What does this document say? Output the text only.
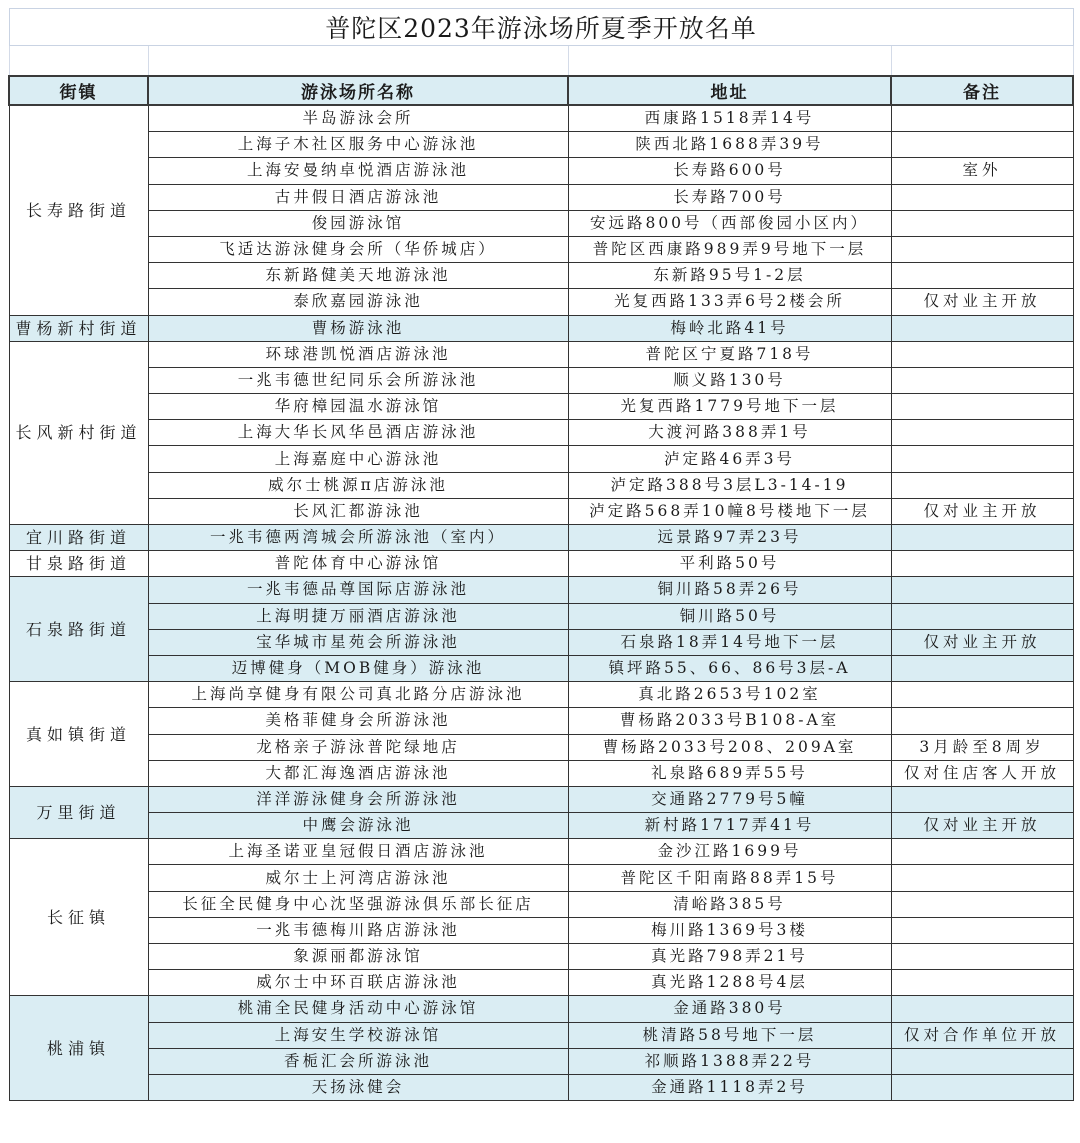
普陀区2023年游泳场所夏季开放名单			

街镇	游泳场所名称	地址	备注
长寿路街道	半岛游泳会所	西康路1518弄14号	
	上海子木社区服务中心游泳池	陕西北路1688弄39号	
	上海安曼纳卓悦酒店游泳池	长寿路600号	室外
	古井假日酒店游泳池	长寿路700号	
	俊园游泳馆	安远路800号（西部俊园小区内）	
	飞适达游泳健身会所（华侨城店）	普陀区西康路989弄9号地下一层	
	东新路健美天地游泳池	东新路95号1-2层	
	泰欣嘉园游泳池	光复西路133弄6号2楼会所	仅对业主开放
曹杨新村街道	曹杨游泳池	梅岭北路41号	
长风新村街道	环球港凯悦酒店游泳池	普陀区宁夏路718号	
	一兆韦德世纪同乐会所游泳池	顺义路130号	
	华府樟园温水游泳馆	光复西路1779号地下一层	
	上海大华长风华邑酒店游泳池	大渡河路388弄1号	
	上海嘉庭中心游泳池	泸定路46弄3号	
	威尔士桃源π店游泳池	泸定路388号3层L3-14-19	
	长风汇都游泳池	泸定路568弄10幢8号楼地下一层	仅对业主开放
宜川路街道	一兆韦德两湾城会所游泳池（室内）	远景路97弄23号	
甘泉路街道	普陀体育中心游泳馆	平利路50号	
石泉路街道	一兆韦德品尊国际店游泳池	铜川路58弄26号	
	上海明捷万丽酒店游泳池	铜川路50号	
	宝华城市星苑会所游泳池	石泉路18弄14号地下一层	仅对业主开放
	迈博健身（MOB健身）游泳池	镇坪路55、66、86号3层-A	
真如镇街道	上海尚享健身有限公司真北路分店游泳池	真北路2653号102室	
	美格菲健身会所游泳池	曹杨路2033号B108-A室	
	龙格亲子游泳普陀绿地店	曹杨路2033号208、209A室	3月龄至8周岁
	大都汇海逸酒店游泳池	礼泉路689弄55号	仅对住店客人开放
万里街道	洋洋游泳健身会所游泳池	交通路2779号5幢	
	中鹰会游泳池	新村路1717弄41号	仅对业主开放
长征镇	上海圣诺亚皇冠假日酒店游泳池	金沙江路1699号	
	威尔士上河湾店游泳池	普陀区千阳南路88弄15号	
	长征全民健身中心沈坚强游泳俱乐部长征店	清峪路385号	
	一兆韦德梅川路店游泳池	梅川路1369号3楼	
	象源丽都游泳馆	真光路798弄21号	
	威尔士中环百联店游泳池	真光路1288号4层	
桃浦镇	桃浦全民健身活动中心游泳馆	金通路380号	
	上海安生学校游泳馆	桃清路58号地下一层	仅对合作单位开放
	香栀汇会所游泳池	祁顺路1388弄22号	
	天扬泳健会	金通路1118弄2号	
